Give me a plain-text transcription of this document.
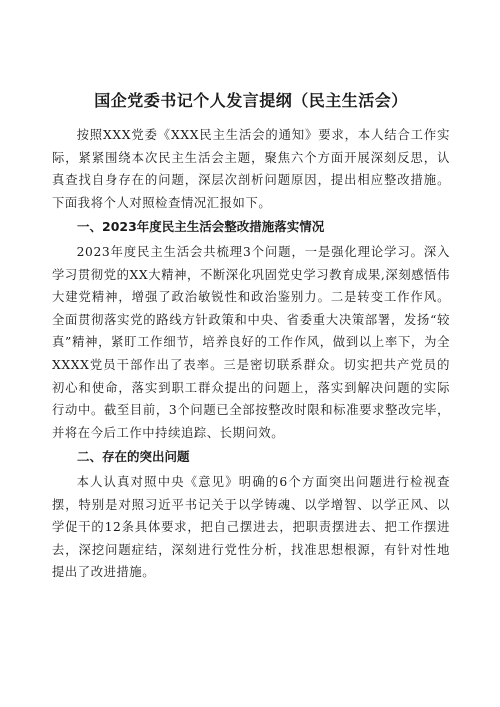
国企党委书记个人发言提纲（民主生活会）

按照XXX党委《XXX民主生活会的通知》要求，本人结合工作实际，紧紧围绕本次民主生活会主题，聚焦六个方面开展深刻反思，认真查找自身存在的问题，深层次剖析问题原因，提出相应整改措施。下面我将个人对照检查情况汇报如下。

一、2023年度民主生活会整改措施落实情况

2023年度民主生活会共梳理3个问题，一是强化理论学习。深入学习贯彻党的XX大精神，不断深化巩固党史学习教育成果,深刻感悟伟大建党精神，增强了政治敏锐性和政治鉴别力。二是转变工作作风。全面贯彻落实党的路线方针政策和中央、省委重大决策部署，发扬“较真”精神，紧盯工作细节，培养良好的工作作风，做到以上率下，为全XXXX党员干部作出了表率。三是密切联系群众。切实把共产党员的初心和使命，落实到职工群众提出的问题上，落实到解决问题的实际行动中。截至目前，3个问题已全部按整改时限和标准要求整改完毕，并将在今后工作中持续追踪、长期问效。

二、存在的突出问题

本人认真对照中央《意见》明确的6个方面突出问题进行检视查摆，特别是对照习近平书记关于以学铸魂、以学增智、以学正风、以学促干的12条具体要求，把自己摆进去，把职责摆进去、把工作摆进去，深挖问题症结，深刻进行党性分析，找准思想根源，有针对性地提出了改进措施。
